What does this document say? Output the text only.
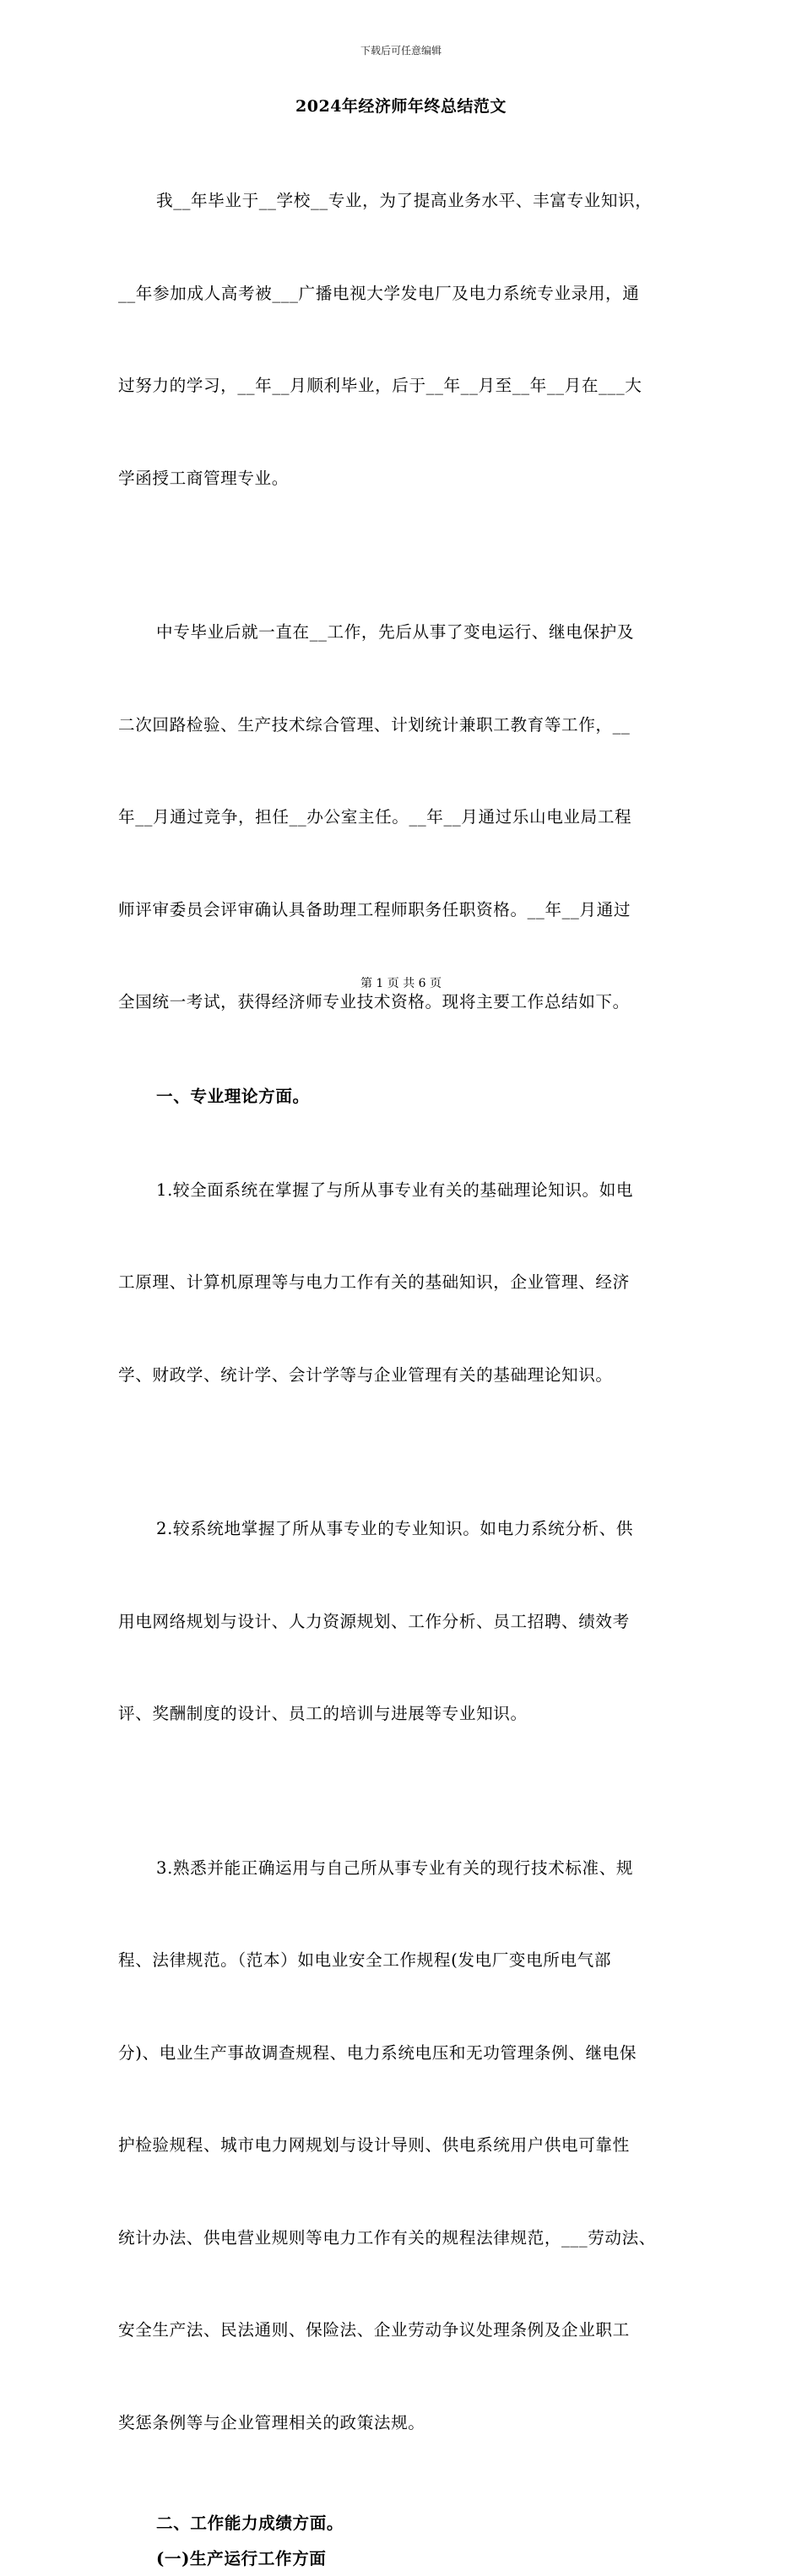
下载后可任意编辑
2024年经济师年终总结范文

我__年毕业于__学校__专业，为了提高业务水平、丰富专业知识，

__年参加成人高考被___广播电视大学发电厂及电力系统专业录用，通

过努力的学习，__年__月顺利毕业，后于__年__月至__年__月在___大

学函授工商管理专业。

中专毕业后就一直在__工作，先后从事了变电运行、继电保护及

二次回路检验、生产技术综合管理、计划统计兼职工教育等工作，__

年__月通过竞争，担任__办公室主任。__年__月通过乐山电业局工程

师评审委员会评审确认具备助理工程师职务任职资格。__年__月通过

全国统一考试，获得经济师专业技术资格。现将主要工作总结如下。

一、专业理论方面。

1.较全面系统在掌握了与所从事专业有关的基础理论知识。如电

工原理、计算机原理等与电力工作有关的基础知识，企业管理、经济

学、财政学、统计学、会计学等与企业管理有关的基础理论知识。

2.较系统地掌握了所从事专业的专业知识。如电力系统分析、供

用电网络规划与设计、人力资源规划、工作分析、员工招聘、绩效考

评、奖酬制度的设计、员工的培训与进展等专业知识。

3.熟悉并能正确运用与自己所从事专业有关的现行技术标准、规

程、法律规范。（范本）如电业安全工作规程(发电厂变电所电气部

分)、电业生产事故调查规程、电力系统电压和无功管理条例、继电保

护检验规程、城市电力网规划与设计导则、供电系统用户供电可靠性

统计办法、供电营业规则等电力工作有关的规程法律规范，___劳动法、

安全生产法、民法通则、保险法、企业劳动争议处理条例及企业职工

奖惩条例等与企业管理相关的政策法规。

二、工作能力成绩方面。
(一)生产运行工作方面
第 1 页 共 6 页
